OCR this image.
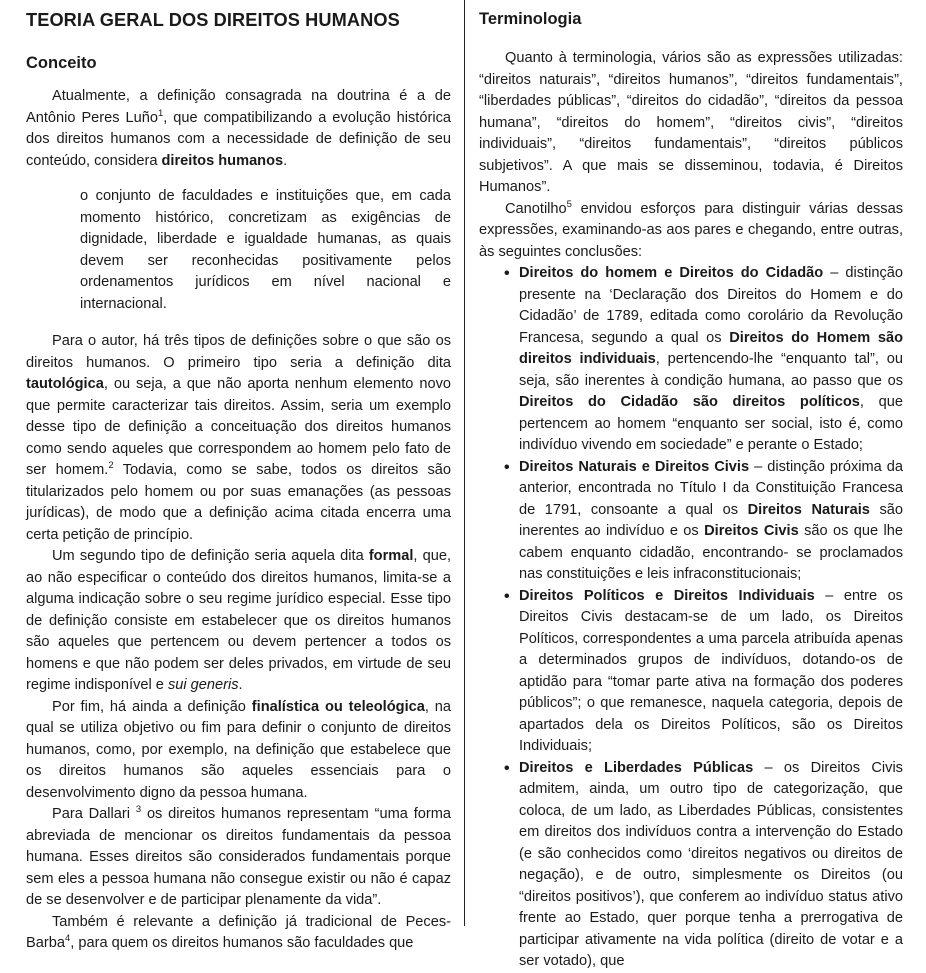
TEORIA GERAL DOS DIREITOS HUMANOS
Conceito

Atualmente, a definição consagrada na doutrina é a de Antônio Peres Luño$^1$, que compatibilizando a evolução histórica dos direitos humanos com a necessidade de definição de seu conteúdo, considera direitos humanos.

o conjunto de faculdades e instituições que, em cada momento histórico, concretizam as exigências de dignidade, liberdade e igualdade humanas, as quais devem ser reconhecidas positivamente pelos ordenamentos jurídicos em nível nacional e internacional.

Para o autor, há três tipos de definições sobre o que são os direitos humanos. O primeiro tipo seria a definição dita tautológica, ou seja, a que não aporta nenhum elemento novo que permite caracterizar tais direitos. Assim, seria um exemplo desse tipo de definição a conceituação dos direitos humanos como sendo aqueles que correspondem ao homem pelo fato de ser homem.$^2$ Todavia, como se sabe, todos os direitos são titularizados pelo homem ou por suas emanações (as pessoas jurídicas), de modo que a definição acima citada encerra uma certa petição de princípio.

Um segundo tipo de definição seria aquela dita formal, que, ao não especificar o conteúdo dos direitos humanos, limita-se a alguma indicação sobre o seu regime jurídico especial. Esse tipo de definição consiste em estabelecer que os direitos humanos são aqueles que pertencem ou devem pertencer a todos os homens e que não podem ser deles privados, em virtude de seu regime indisponível e sui generis.

Por fim, há ainda a definição finalística ou teleológica, na qual se utiliza objetivo ou fim para definir o conjunto de direitos humanos, como, por exemplo, na definição que estabelece que os direitos humanos são aqueles essenciais para o desenvolvimento digno da pessoa humana.

Para Dallari $^3$ os direitos humanos representam “uma forma abreviada de mencionar os direitos fundamentais da pessoa humana. Esses direitos são considerados fundamentais porque sem eles a pessoa humana não consegue existir ou não é capaz de se desenvolver e de participar plenamente da vida”.

Também é relevante a definição já tradicional de Peces-Barba$^4$, para quem os direitos humanos são faculdades que

Terminologia

Quanto à terminologia, vários são as expressões utilizadas: “direitos naturais”, “direitos humanos”, “direitos fundamentais”, “liberdades públicas”, “direitos do cidadão”, “direitos da pessoa humana”, “direitos do homem”, “direitos civis”, “direitos individuais”, “direitos fundamentais”, “direitos públicos subjetivos”. A que mais se disseminou, todavia, é Direitos Humanos”.

Canotilho$^5$ envidou esforços para distinguir várias dessas expressões, examinando-as aos pares e chegando, entre outras, às seguintes conclusões:

• Direitos do homem e Direitos do Cidadão – distinção presente na ‘Declaração dos Direitos do Homem e do Cidadão’ de 1789, editada como corolário da Revolução Francesa, segundo a qual os Direitos do Homem são direitos individuais, pertencendo-lhe “enquanto tal”, ou seja, são inerentes à condição humana, ao passo que os Direitos do Cidadão são direitos políticos, que pertencem ao homem “enquanto ser social, isto é, como indivíduo vivendo em sociedade” e perante o Estado;
• Direitos Naturais e Direitos Civis – distinção próxima da anterior, encontrada no Título I da Constituição Francesa de 1791, consoante a qual os Direitos Naturais são inerentes ao indivíduo e os Direitos Civis são os que lhe cabem enquanto cidadão, encontrando- se proclamados nas constituições e leis infraconstitucionais;
• Direitos Políticos e Direitos Individuais – entre os Direitos Civis destacam-se de um lado, os Direitos Políticos, correspondentes a uma parcela atribuída apenas a determinados grupos de indivíduos, dotando-os de aptidão para “tomar parte ativa na formação dos poderes públicos”; o que remanesce, naquela categoria, depois de apartados dela os Direitos Políticos, são os Direitos Individuais;
• Direitos e Liberdades Públicas – os Direitos Civis admitem, ainda, um outro tipo de categorização, que coloca, de um lado, as Liberdades Públicas, consistentes em direitos dos indivíduos contra a intervenção do Estado (e são conhecidos como ‘direitos negativos ou direitos de negação), e de outro, simplesmente os Direitos (ou “direitos positivos’), que conferem ao indivíduo status ativo frente ao Estado, quer porque tenha a prerrogativa de participar ativamente na vida política (direito de votar e a ser votado), que
